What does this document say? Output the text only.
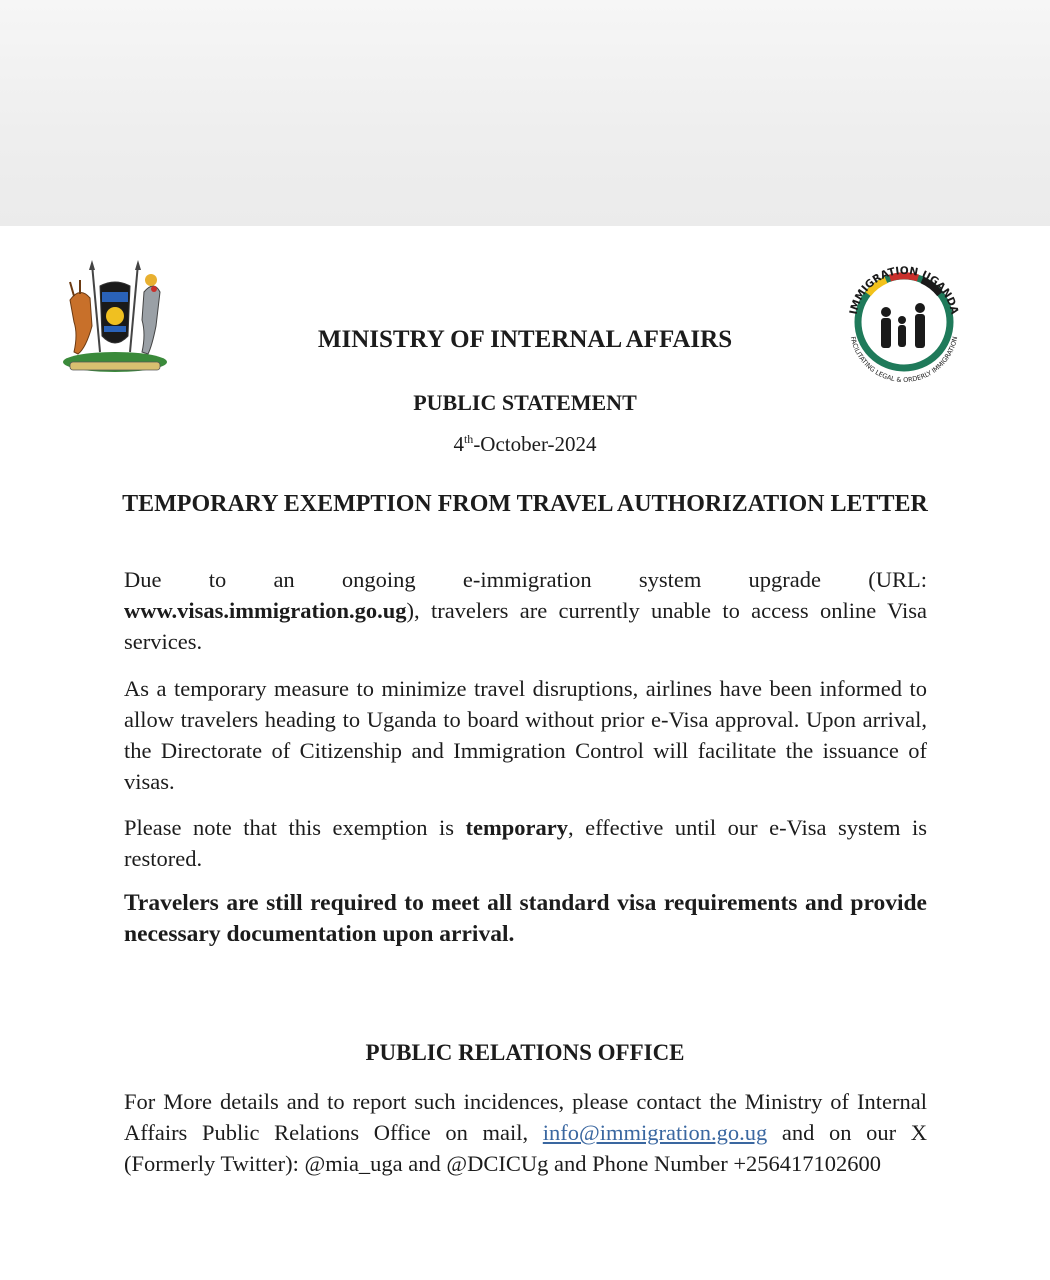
IMMIGRATION UGANDA
FACILITATING LEGAL & ORDERLY IMMIGRATION
MINISTRY OF INTERNAL AFFAIRS
PUBLIC STATEMENT
4th-October-2024
TEMPORARY EXEMPTION FROM TRAVEL AUTHORIZATION LETTER

Due to an ongoing e-immigration system upgrade (URL: www.visas.immigration.go.ug), travelers are currently unable to access online Visa services.

As a temporary measure to minimize travel disruptions, airlines have been informed to allow travelers heading to Uganda to board without prior e-Visa approval. Upon arrival, the Directorate of Citizenship and Immigration Control will facilitate the issuance of visas.

Please note that this exemption is temporary, effective until our e-Visa system is restored.

Travelers are still required to meet all standard visa requirements and provide necessary documentation upon arrival.

PUBLIC RELATIONS OFFICE

For More details and to report such incidences, please contact the Ministry of Internal Affairs Public Relations Office on mail, info@immigration.go.ug and on our X (Formerly Twitter): @mia_uga and @DCICUg and Phone Number +256417102600
